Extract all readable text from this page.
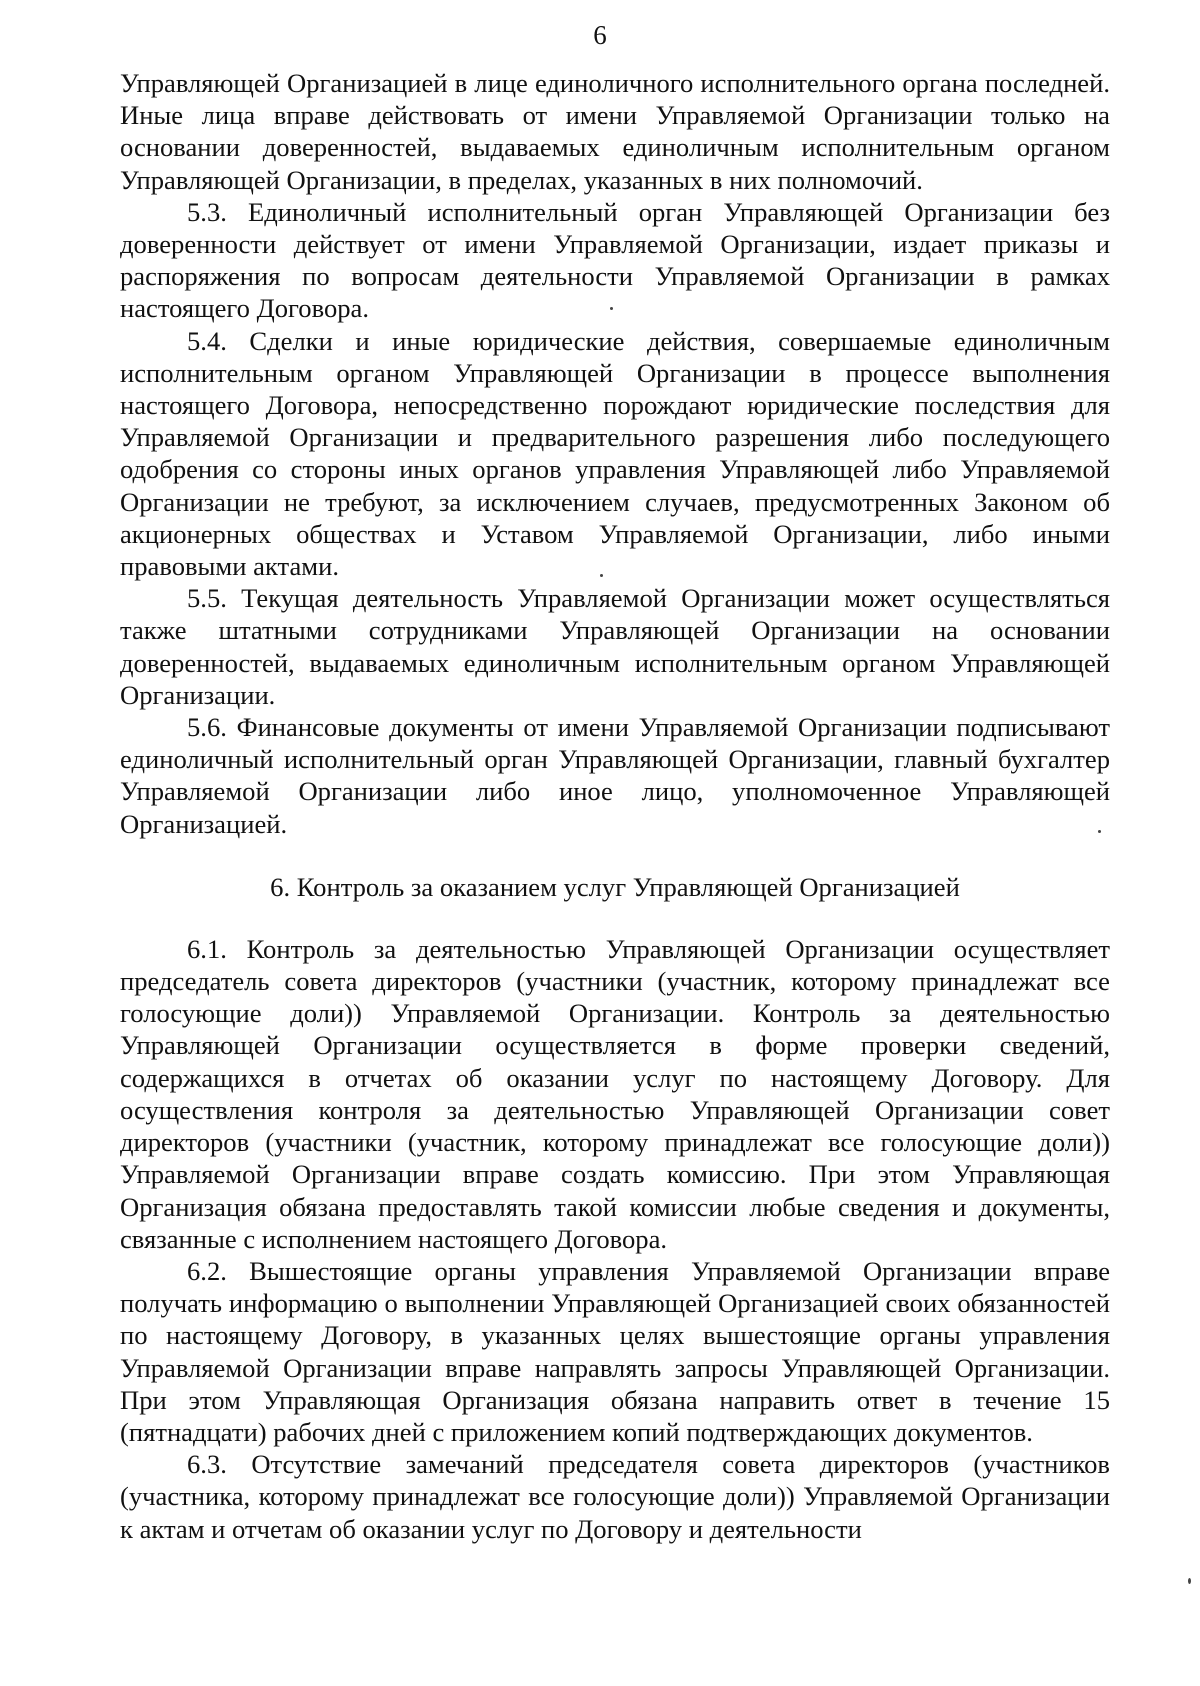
6

Управляющей Организацией в лице единоличного исполнительного органа последней. Иные лица вправе действовать от имени Управляемой Организации только на основании доверенностей, выдаваемых единоличным исполнительным органом Управляющей Организации, в пределах, указанных в них полномочий.

5.3. Единоличный исполнительный орган Управляющей Организации без доверенности действует от имени Управляемой Организации, издает приказы и распоряжения по вопросам деятельности Управляемой Организации в рамках настоящего Договора.

5.4. Сделки и иные юридические действия, совершаемые единоличным исполнительным органом Управляющей Организации в процессе выполнения настоящего Договора, непосредственно порождают юридические последствия для Управляемой Организации и предварительного разрешения либо последующего одобрения со стороны иных органов управления Управляющей либо Управляемой Организации не требуют, за исключением случаев, предусмотренных Законом об акционерных обществах и Уставом Управляемой Организации, либо иными правовыми актами.

5.5. Текущая деятельность Управляемой Организации может осуществляться также штатными сотрудниками Управляющей Организации на основании доверенностей, выдаваемых единоличным исполнительным органом Управляющей Организации.

5.6. Финансовые документы от имени Управляемой Организации подписывают единоличный исполнительный орган Управляющей Организации, главный бухгалтер Управляемой Организации либо иное лицо, уполномоченное Управляющей Организацией.

6. Контроль за оказанием услуг Управляющей Организацией

6.1. Контроль за деятельностью Управляющей Организации осуществляет председатель совета директоров (участники (участник, которому принадлежат все голосующие доли)) Управляемой Организации. Контроль за деятельностью Управляющей Организации осуществляется в форме проверки сведений, содержащихся в отчетах об оказании услуг по настоящему Договору. Для осуществления контроля за деятельностью Управляющей Организации совет директоров (участники (участник, которому принадлежат все голосующие доли)) Управляемой Организации вправе создать комиссию. При этом Управляющая Организация обязана предоставлять такой комиссии любые сведения и документы, связанные с исполнением настоящего Договора.

6.2. Вышестоящие органы управления Управляемой Организации вправе получать информацию о выполнении Управляющей Организацией своих обязанностей по настоящему Договору, в указанных целях вышестоящие органы управления Управляемой Организации вправе направлять запросы Управляющей Организации. При этом Управляющая Организация обязана направить ответ в течение 15 (пятнадцати) рабочих дней с приложением копий подтверждающих документов.

6.3. Отсутствие замечаний председателя совета директоров (участников (участника, которому принадлежат все голосующие доли)) Управляемой Организации к актам и отчетам об оказании услуг по Договору и деятельности
